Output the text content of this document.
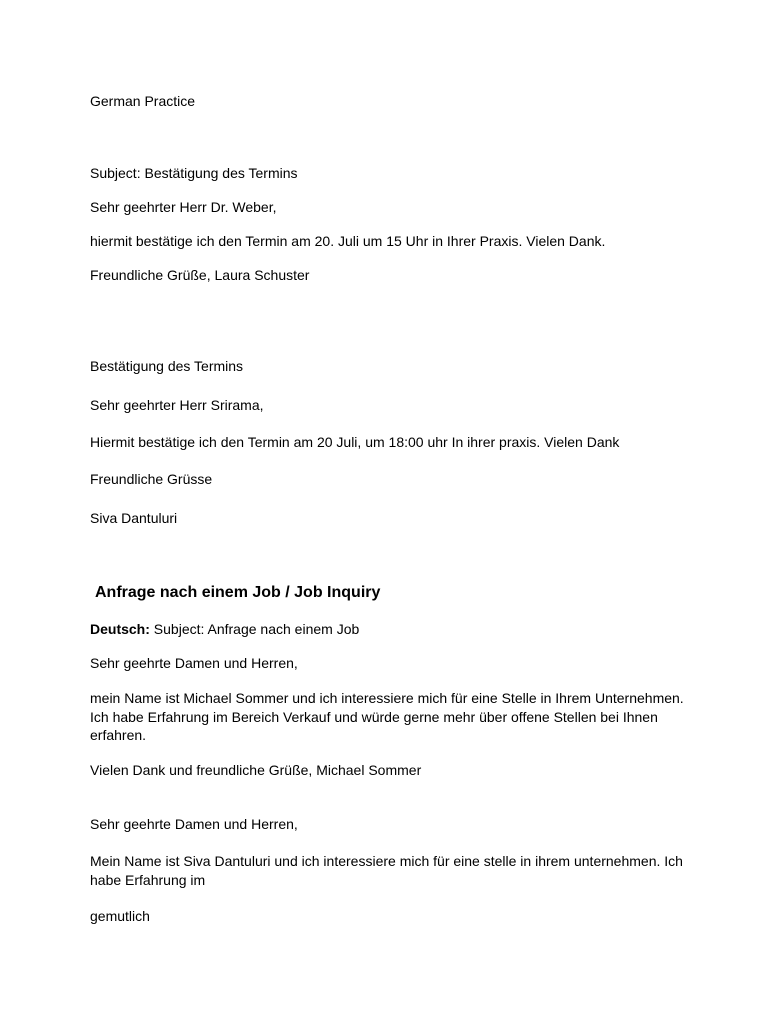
German Practice
Subject: Bestätigung des Termins
Sehr geehrter Herr Dr. Weber,
hiermit bestätige ich den Termin am 20. Juli um 15 Uhr in Ihrer Praxis. Vielen Dank.
Freundliche Grüße, Laura Schuster
Bestätigung des Termins
Sehr geehrter Herr Srirama,
Hiermit bestätige ich den Termin am 20 Juli, um 18:00 uhr In ihrer praxis. Vielen Dank
Freundliche Grüsse
Siva Dantuluri
Anfrage nach einem Job / Job Inquiry
Deutsch: Subject: Anfrage nach einem Job
Sehr geehrte Damen und Herren,
mein Name ist Michael Sommer und ich interessiere mich für eine Stelle in Ihrem Unternehmen. Ich habe Erfahrung im Bereich Verkauf und würde gerne mehr über offene Stellen bei Ihnen erfahren.
Vielen Dank und freundliche Grüße, Michael Sommer
Sehr geehrte Damen und Herren,
Mein Name ist Siva Dantuluri und ich interessiere mich für eine stelle in ihrem unternehmen. Ich habe Erfahrung im
gemutlich
